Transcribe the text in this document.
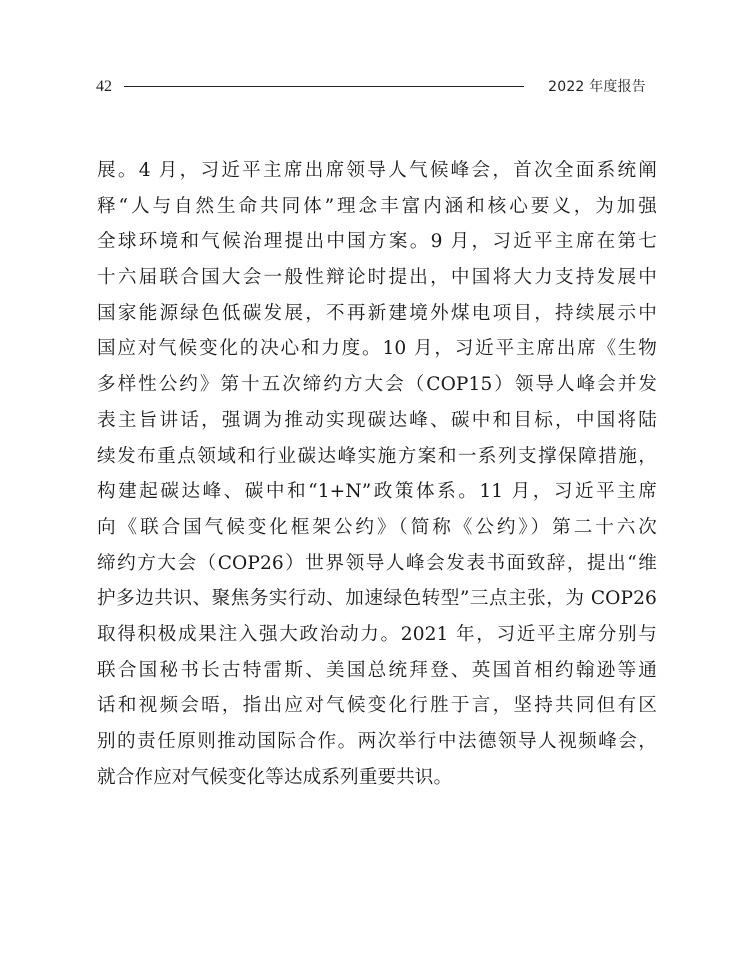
42	2022 年度报告
展。4 月，习近平主席出席领导人气候峰会，首次全面系统阐
释“人与自然生命共同体”理念丰富内涵和核心要义，为加强
全球环境和气候治理提出中国方案。9 月，习近平主席在第七
十六届联合国大会一般性辩论时提出，中国将大力支持发展中
国家能源绿色低碳发展，不再新建境外煤电项目，持续展示中
国应对气候变化的决心和力度。10 月，习近平主席出席《生物
多样性公约》第十五次缔约方大会（COP15）领导人峰会并发
表主旨讲话，强调为推动实现碳达峰、碳中和目标，中国将陆
续发布重点领域和行业碳达峰实施方案和一系列支撑保障措施，
构建起碳达峰、碳中和“1+N”政策体系。11 月，习近平主席
向《联合国气候变化框架公约》（简称《公约》）第二十六次
缔约方大会（COP26）世界领导人峰会发表书面致辞，提出“维
护多边共识、聚焦务实行动、加速绿色转型”三点主张，为 COP26
取得积极成果注入强大政治动力。2021 年，习近平主席分别与
联合国秘书长古特雷斯、美国总统拜登、英国首相约翰逊等通
话和视频会晤，指出应对气候变化行胜于言，坚持共同但有区
别的责任原则推动国际合作。两次举行中法德领导人视频峰会，
就合作应对气候变化等达成系列重要共识。
